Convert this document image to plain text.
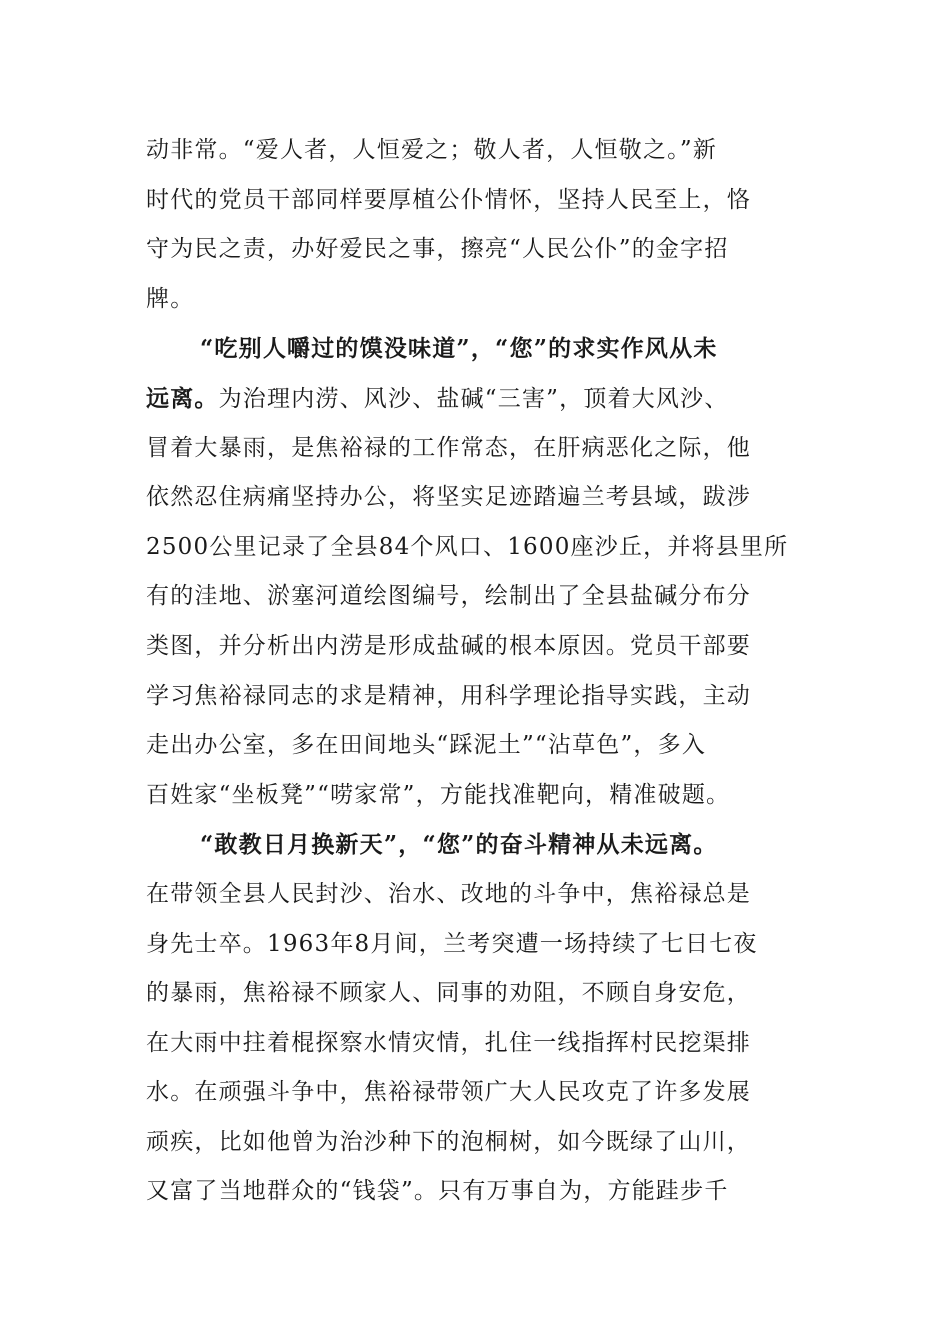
动非常。“爱人者，人恒爱之；敬人者，人恒敬之。”新
时代的党员干部同样要厚植公仆情怀，坚持人民至上，恪
守为民之责，办好爱民之事，擦亮“人民公仆”的金字招
牌。
“吃别人嚼过的馍没味道”，“您”的求实作风从未
远离。为治理内涝、风沙、盐碱“三害”，顶着大风沙、
冒着大暴雨，是焦裕禄的工作常态，在肝病恶化之际，他
依然忍住病痛坚持办公，将坚实足迹踏遍兰考县域，跋涉
2500公里记录了全县84个风口、1600座沙丘，并将县里所
有的洼地、淤塞河道绘图编号，绘制出了全县盐碱分布分
类图，并分析出内涝是形成盐碱的根本原因。党员干部要
学习焦裕禄同志的求是精神，用科学理论指导实践，主动
走出办公室，多在田间地头“踩泥土”“沾草色”，多入
百姓家“坐板凳”“唠家常”，方能找准靶向，精准破题。
“敢教日月换新天”，“您”的奋斗精神从未远离。
在带领全县人民封沙、治水、改地的斗争中，焦裕禄总是
身先士卒。1963年8月间，兰考突遭一场持续了七日七夜
的暴雨，焦裕禄不顾家人、同事的劝阻，不顾自身安危，
在大雨中拄着棍探察水情灾情，扎住一线指挥村民挖渠排
水。在顽强斗争中，焦裕禄带领广大人民攻克了许多发展
顽疾，比如他曾为治沙种下的泡桐树，如今既绿了山川，
又富了当地群众的“钱袋”。只有万事自为，方能跬步千
